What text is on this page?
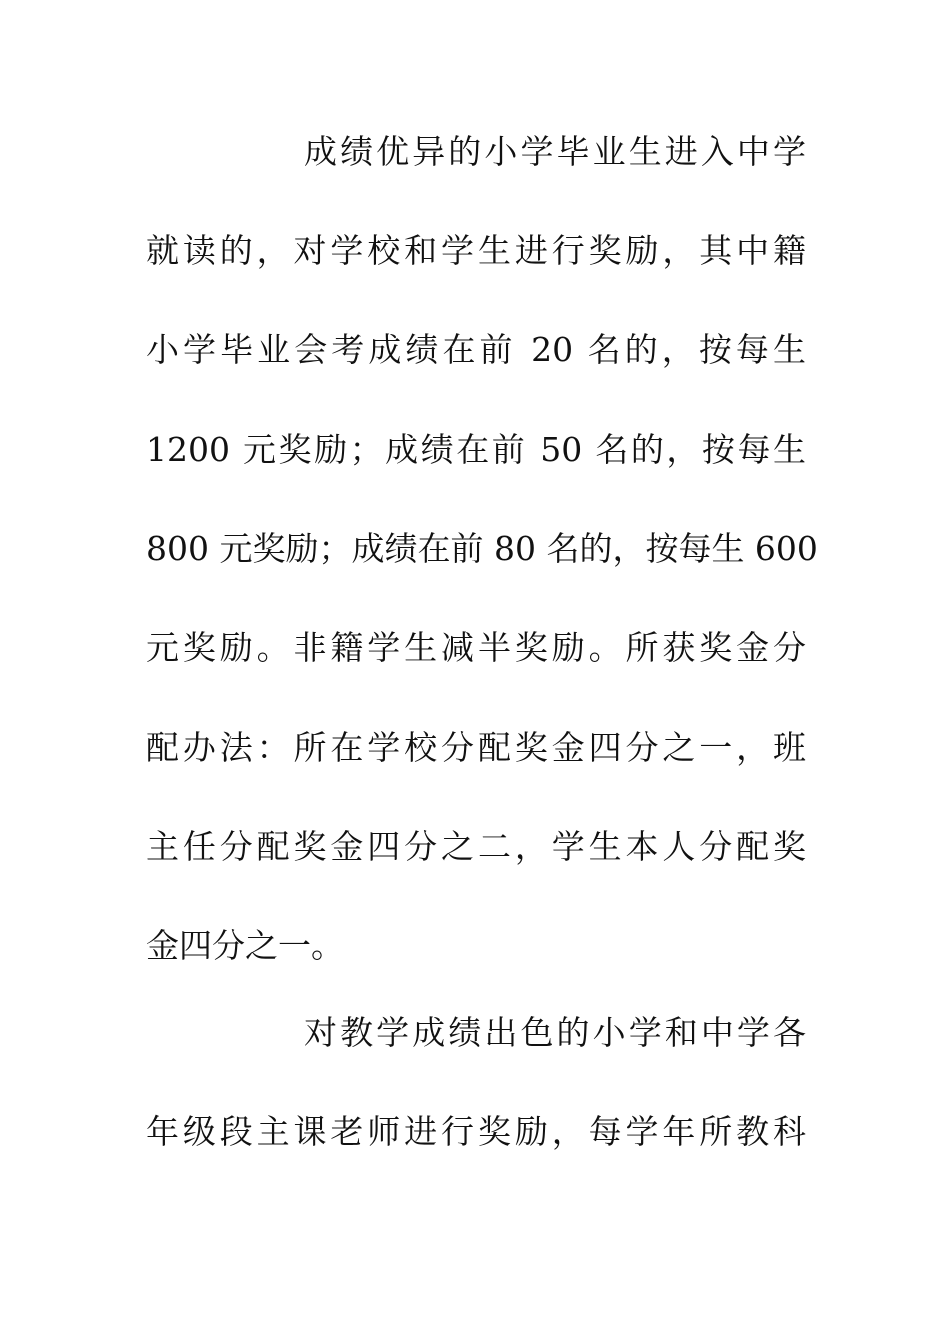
成绩优异的小学毕业生进入中学
就读的，对学校和学生进行奖励，其中籍
小学毕业会考成绩在前 20 名的，按每生
1200 元奖励；成绩在前 50 名的，按每生
800 元奖励；成绩在前 80 名的，按每生 600
元奖励。非籍学生减半奖励。所获奖金分
配办法：所在学校分配奖金四分之一，班
主任分配奖金四分之二，学生本人分配奖
金四分之一。
对教学成绩出色的小学和中学各
年级段主课老师进行奖励，每学年所教科
